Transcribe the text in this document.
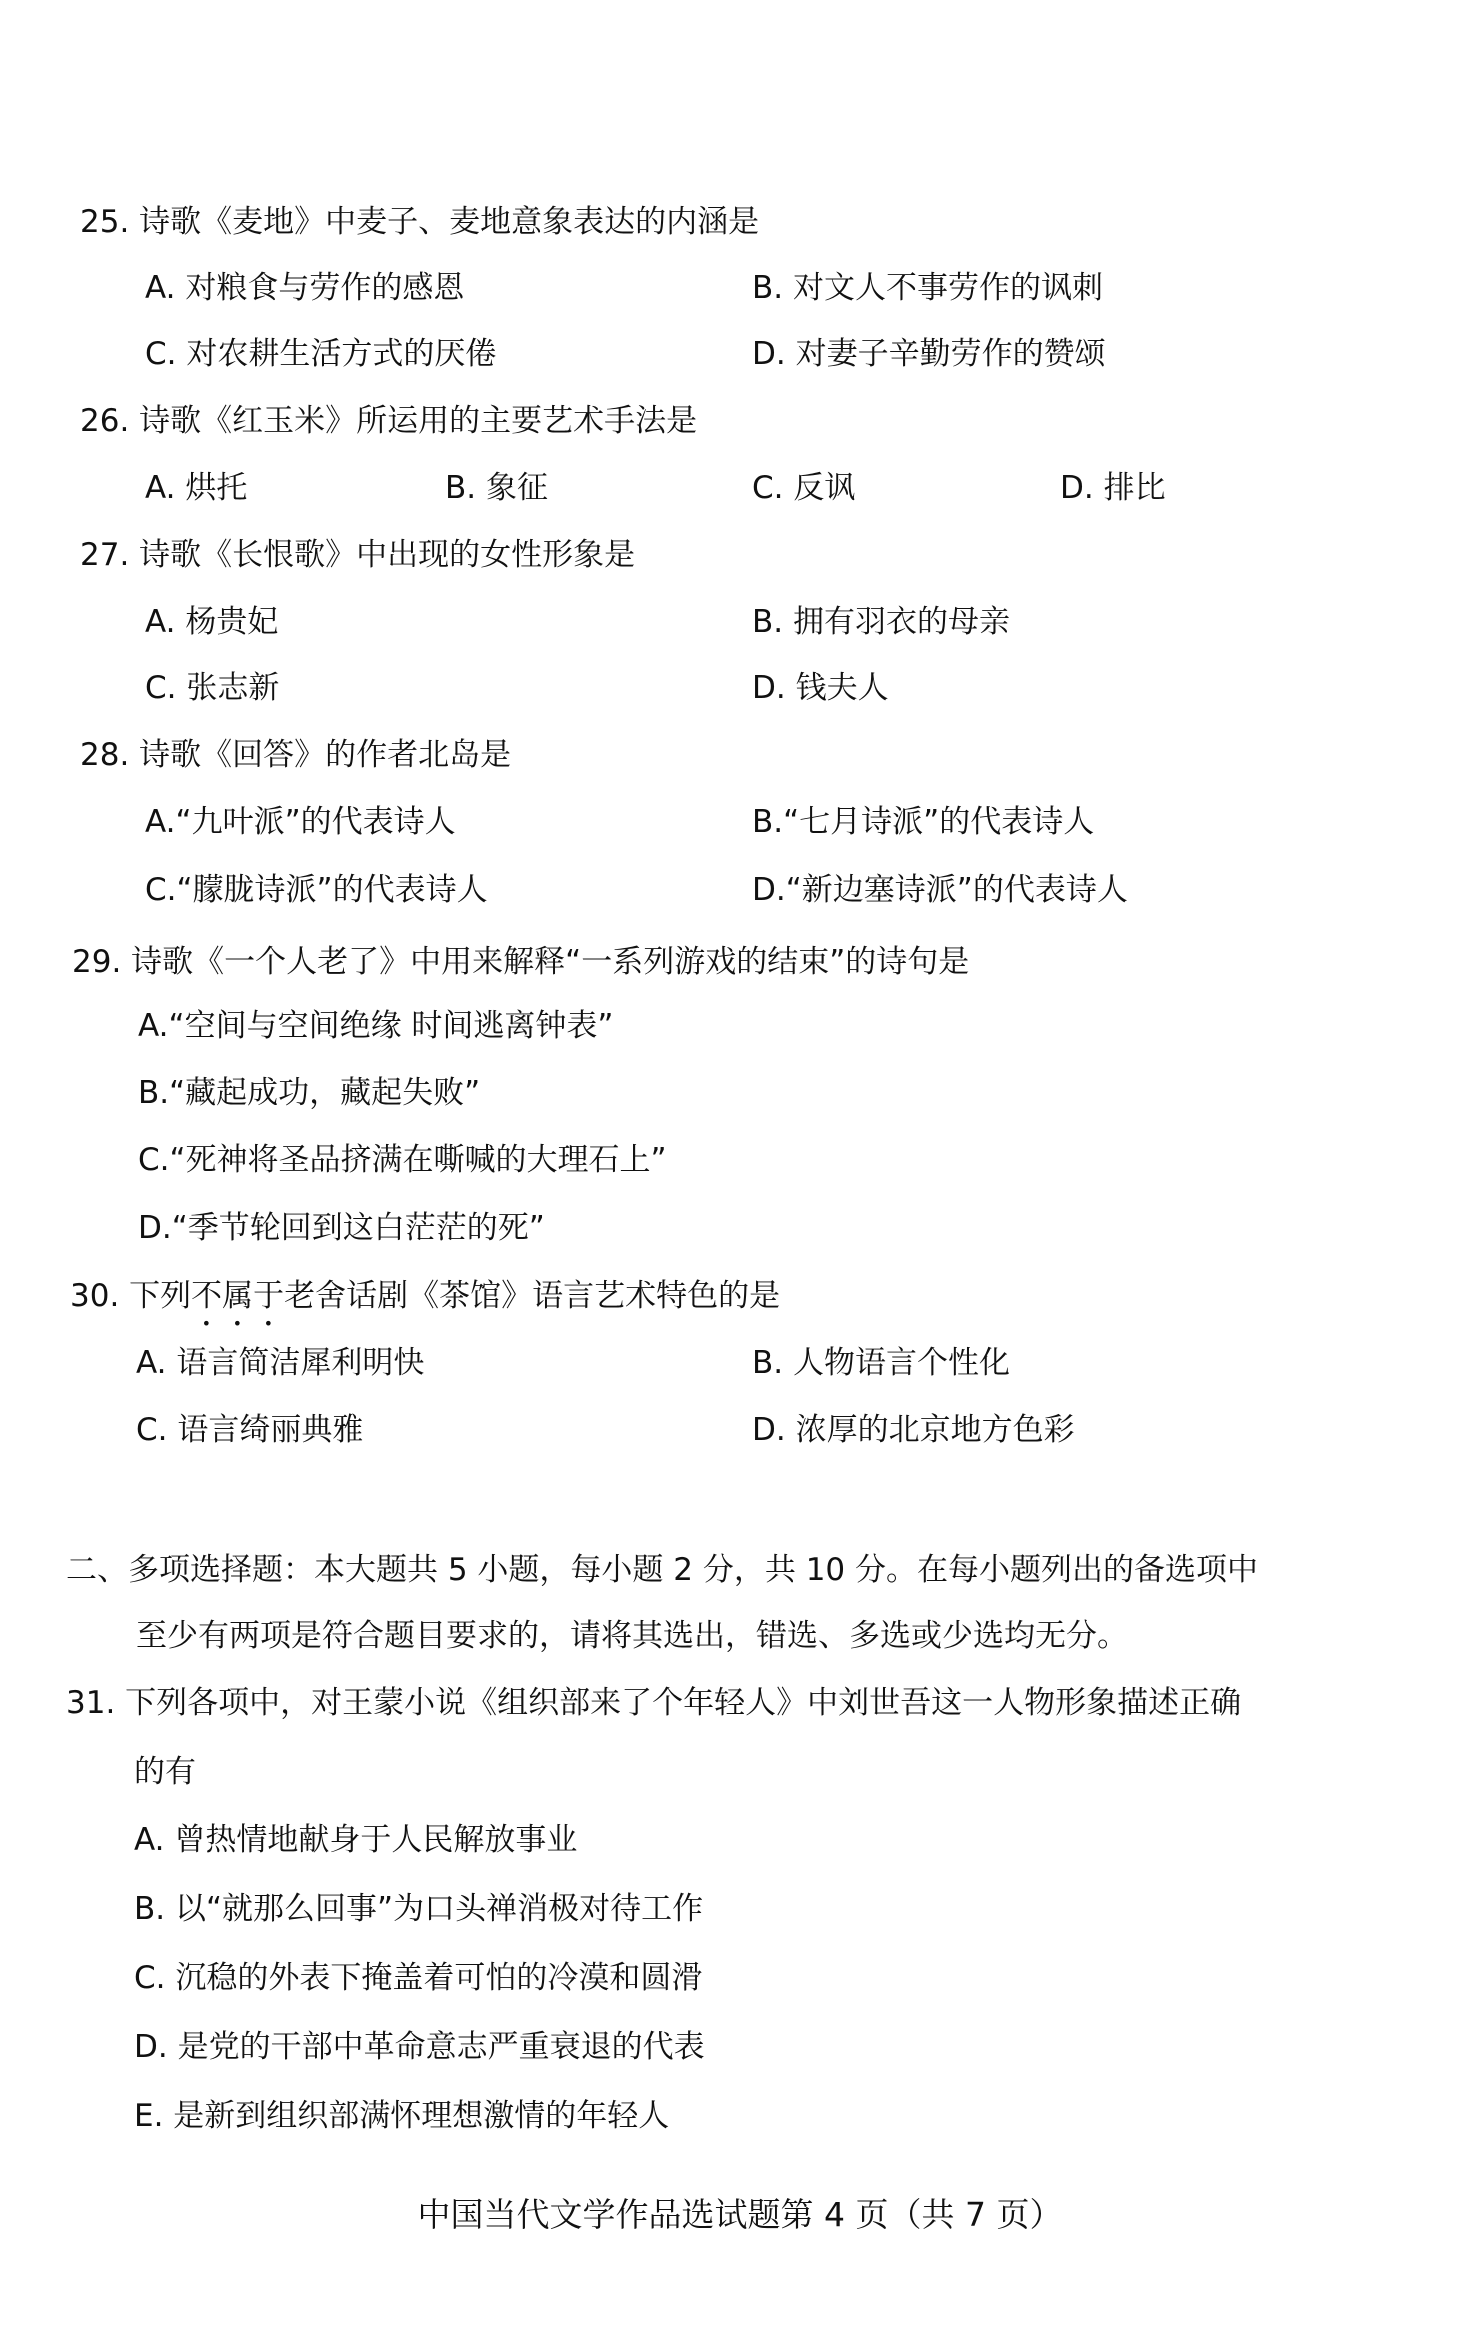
25. 诗歌《麦地》中麦子、麦地意象表达的内涵是
A. 对粮食与劳作的感恩	B. 对文人不事劳作的讽刺
C. 对农耕生活方式的厌倦	D. 对妻子辛勤劳作的赞颂
26. 诗歌《红玉米》所运用的主要艺术手法是
A. 烘托	B. 象征	C. 反讽	D. 排比
27. 诗歌《长恨歌》中出现的女性形象是
A. 杨贵妃	B. 拥有羽衣的母亲
C. 张志新	D. 钱夫人
28. 诗歌《回答》的作者北岛是
A.“九叶派”的代表诗人	B.“七月诗派”的代表诗人
C.“朦胧诗派”的代表诗人	D.“新边塞诗派”的代表诗人
29. 诗歌《一个人老了》中用来解释“一系列游戏的结束”的诗句是
A.“空间与空间绝缘 时间逃离钟表”
B.“藏起成功，藏起失败”
C.“死神将圣品挤满在嘶喊的大理石上”
D.“季节轮回到这白茫茫的死”
30. 下列不属于老舍话剧《茶馆》语言艺术特色的是
A. 语言简洁犀利明快	B. 人物语言个性化
C. 语言绮丽典雅	D. 浓厚的北京地方色彩
二、多项选择题：本大题共 5 小题，每小题 2 分，共 10 分。在每小题列出的备选项中
至少有两项是符合题目要求的，请将其选出，错选、多选或少选均无分。
31. 下列各项中，对王蒙小说《组织部来了个年轻人》中刘世吾这一人物形象描述正确
的有
A. 曾热情地献身于人民解放事业
B. 以“就那么回事”为口头禅消极对待工作
C. 沉稳的外表下掩盖着可怕的冷漠和圆滑
D. 是党的干部中革命意志严重衰退的代表
E. 是新到组织部满怀理想激情的年轻人
中国当代文学作品选试题第 4 页（共 7 页）
